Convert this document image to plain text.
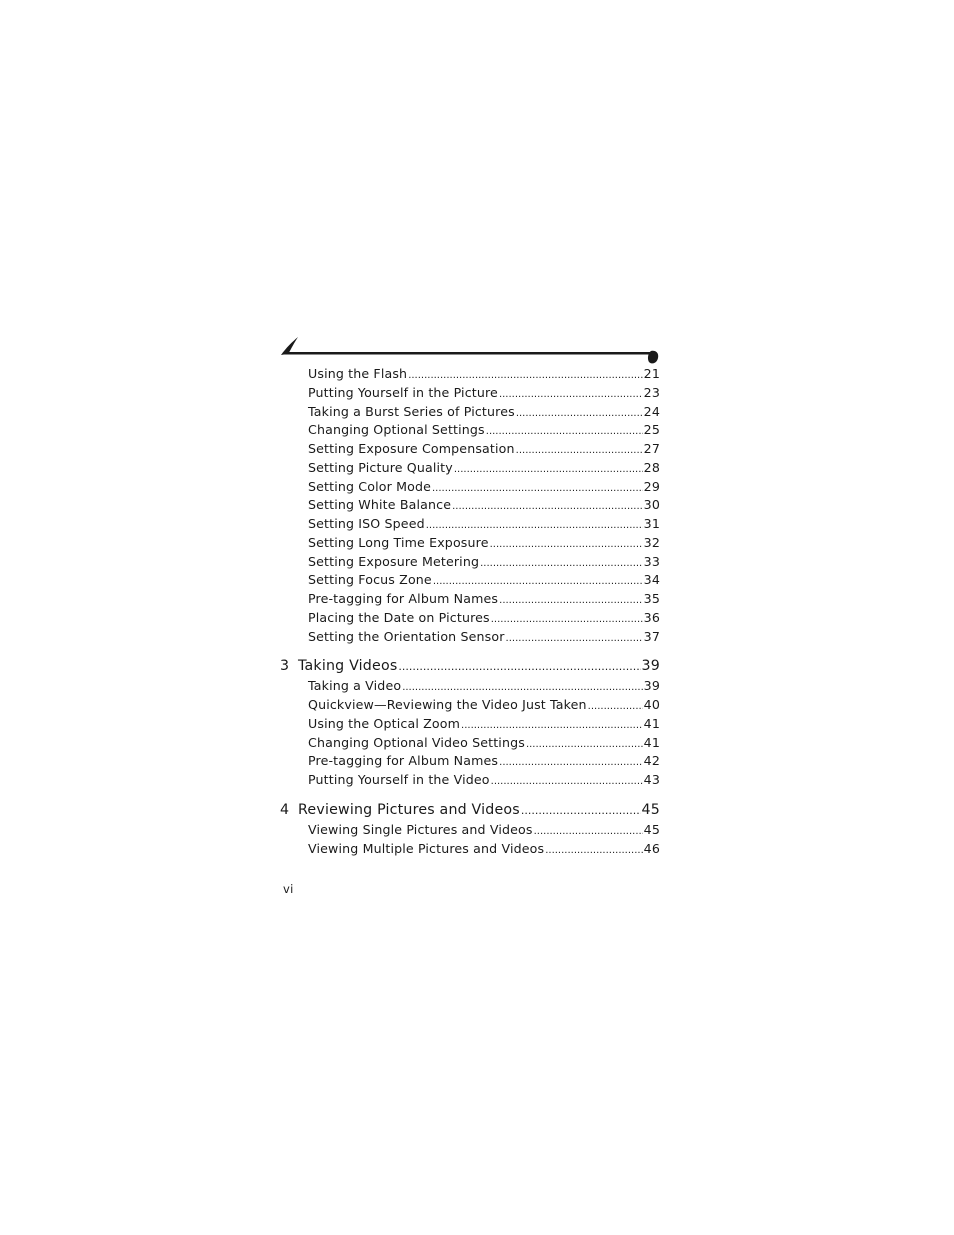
Using the Flash .....	21
Putting Yourself in the Picture .....	23
Taking a Burst Series of Pictures .....	24
Changing Optional Settings .....	25
Setting Exposure Compensation .....	27
Setting Picture Quality .....	28
Setting Color Mode .....	29
Setting White Balance .....	30
Setting ISO Speed .....	31
Setting Long Time Exposure .....	32
Setting Exposure Metering .....	33
Setting Focus Zone .....	34
Pre-tagging for Album Names .....	35
Placing the Date on Pictures .....	36
Setting the Orientation Sensor .....	37
3 Taking Videos .....	39
Taking a Video .....	39
Quickview—Reviewing the Video Just Taken .....	40
Using the Optical Zoom .....	41
Changing Optional Video Settings .....	41
Pre-tagging for Album Names .....	42
Putting Yourself in the Video .....	43
4 Reviewing Pictures and Videos .....	45
Viewing Single Pictures and Videos .....	45
Viewing Multiple Pictures and Videos .....	46
vi
